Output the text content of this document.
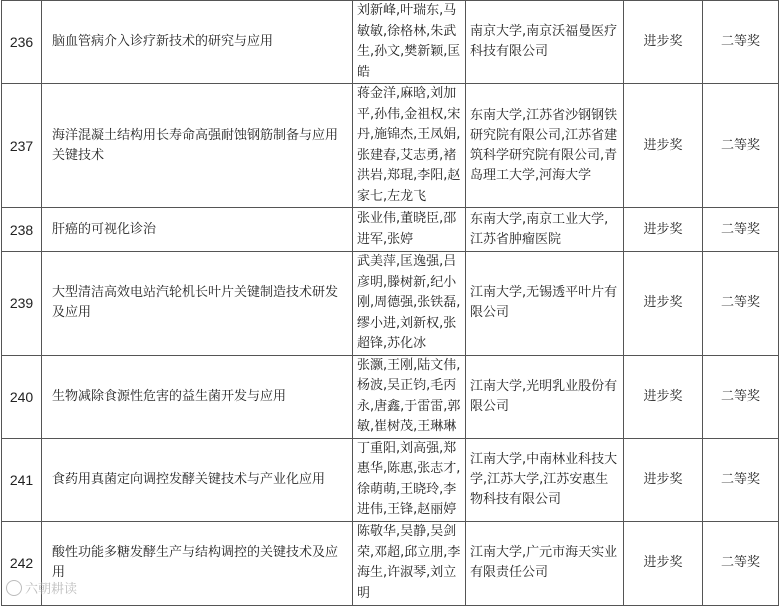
236	脑血管病介入诊疗新技术的研究与应用	刘新峰,叶瑞东,马敏敏,徐格林,朱武生,孙文,樊新颖,匡皓	南京大学,南京沃福曼医疗科技有限公司	进步奖	二等奖
237	海洋混凝土结构用长寿命高强耐蚀钢筋制备与应用关键技术	蒋金洋,麻晗,刘加平,孙伟,金祖权,宋丹,施锦杰,王凤娟,张建春,艾志勇,褚洪岩,郑琨,李阳,赵家七,左龙飞	东南大学,江苏省沙钢钢铁研究院有限公司,江苏省建筑科学研究院有限公司,青岛理工大学,河海大学	进步奖	二等奖
238	肝癌的可视化诊治	张业伟,董晓臣,邵进军,张婷	东南大学,南京工业大学,江苏省肿瘤医院	进步奖	二等奖
239	大型清洁高效电站汽轮机长叶片关键制造技术研发及应用	武美萍,匡逸强,吕彦明,滕树新,纪小刚,周德强,张铁磊,缪小进,刘新权,张超锋,苏化冰	江南大学,无锡透平叶片有限公司	进步奖	二等奖
240	生物减除食源性危害的益生菌开发与应用	张灏,王刚,陆文伟,杨波,吴正钧,毛丙永,唐鑫,于雷雷,郭敏,崔树茂,王琳琳	江南大学,光明乳业股份有限公司	进步奖	二等奖
241	食药用真菌定向调控发酵关键技术与产业化应用	丁重阳,刘高强,郑惠华,陈惠,张志才,徐萌萌,王晓玲,李进伟,王锋,赵丽婷	江南大学,中南林业科技大学,江苏大学,江苏安惠生物科技有限公司	进步奖	二等奖
242	酸性功能多糖发酵生产与结构调控的关键技术及应用	陈敬华,吴静,吴剑荣,邓超,邱立朋,李海生,许淑琴,刘立明	江南大学,广元市海天实业有限责任公司	进步奖	二等奖
六朝耕读
